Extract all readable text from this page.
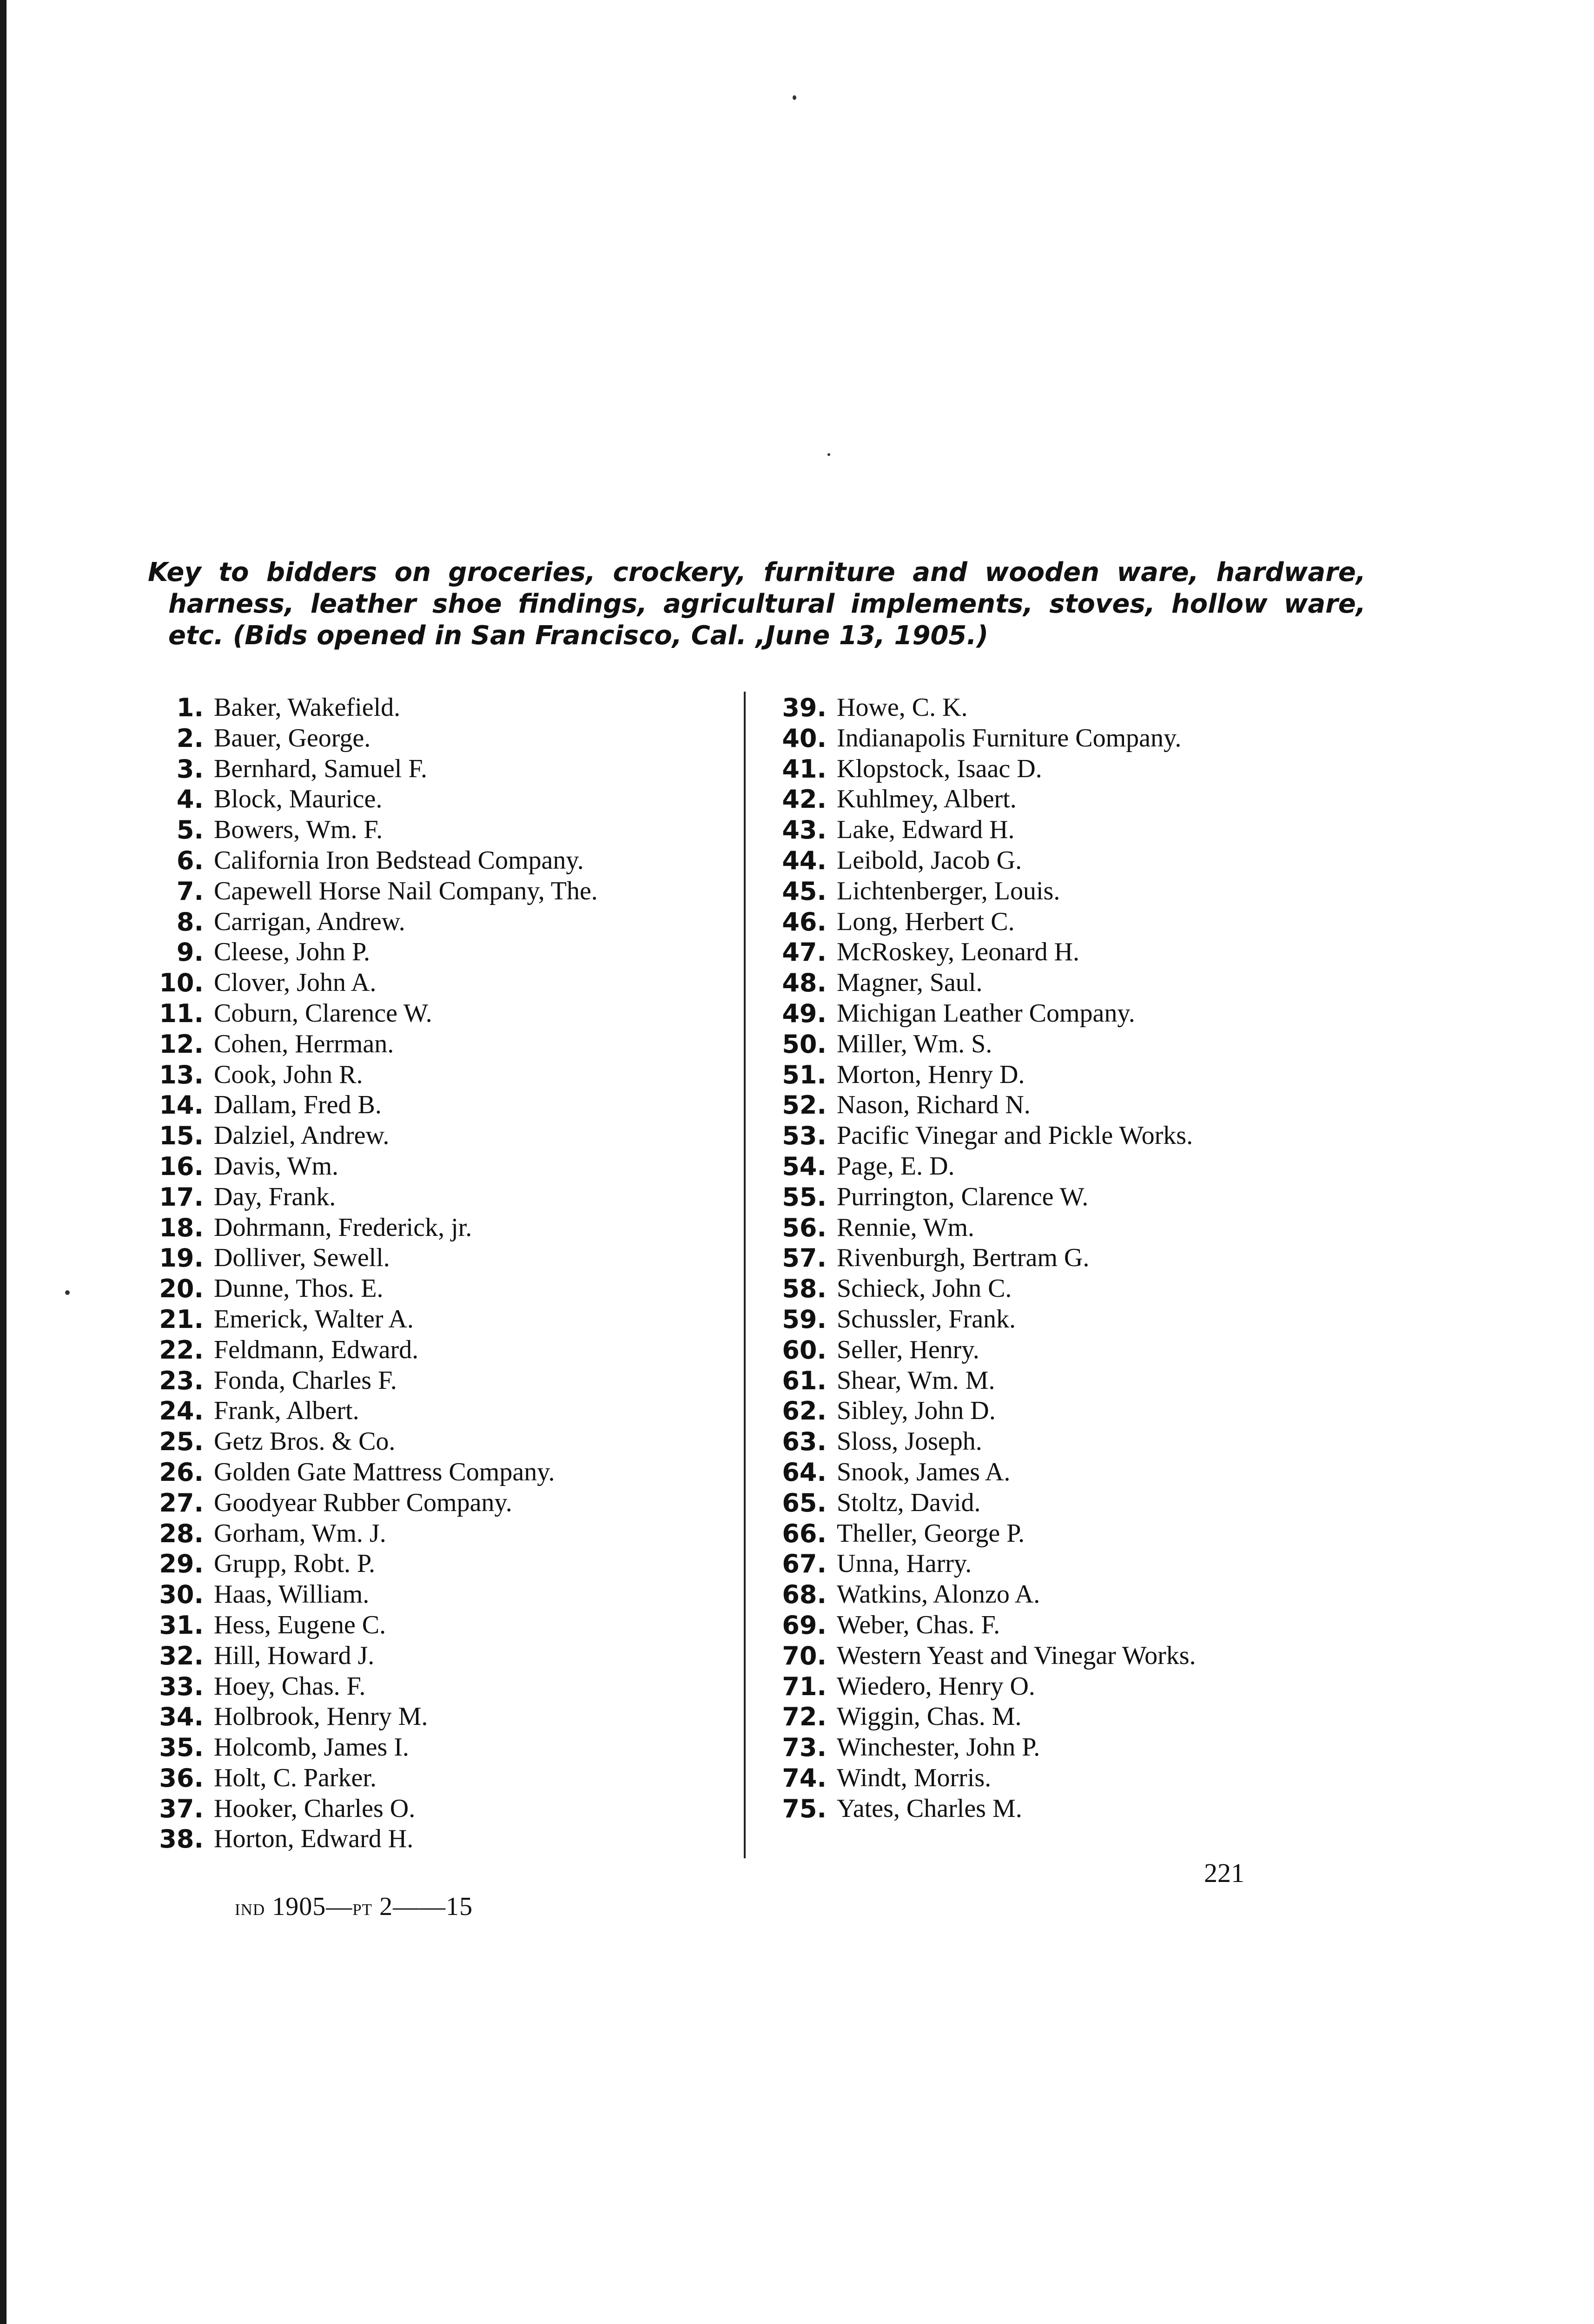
Key to bidders on groceries, crockery, furniture and wooden ware, hardware, harness, leather shoe findings, agricultural implements, stoves, hollow ware, etc. (Bids opened in San Francisco, Cal. ,June 13, 1905.)
1. Baker, Wakefield.
2. Bauer, George.
3. Bernhard, Samuel F.
4. Block, Maurice.
5. Bowers, Wm. F.
6. California Iron Bedstead Company.
7. Capewell Horse Nail Company, The.
8. Carrigan, Andrew.
9. Cleese, John P.
10. Clover, John A.
11. Coburn, Clarence W.
12. Cohen, Herrman.
13. Cook, John R.
14. Dallam, Fred B.
15. Dalziel, Andrew.
16. Davis, Wm.
17. Day, Frank.
18. Dohrmann, Frederick, jr.
19. Dolliver, Sewell.
20. Dunne, Thos. E.
21. Emerick, Walter A.
22. Feldmann, Edward.
23. Fonda, Charles F.
24. Frank, Albert.
25. Getz Bros. & Co.
26. Golden Gate Mattress Company.
27. Goodyear Rubber Company.
28. Gorham, Wm. J.
29. Grupp, Robt. P.
30. Haas, William.
31. Hess, Eugene C.
32. Hill, Howard J.
33. Hoey, Chas. F.
34. Holbrook, Henry M.
35. Holcomb, James I.
36. Holt, C. Parker.
37. Hooker, Charles O.
38. Horton, Edward H.
39. Howe, C. K.
40. Indianapolis Furniture Company.
41. Klopstock, Isaac D.
42. Kuhlmey, Albert.
43. Lake, Edward H.
44. Leibold, Jacob G.
45. Lichtenberger, Louis.
46. Long, Herbert C.
47. McRoskey, Leonard H.
48. Magner, Saul.
49. Michigan Leather Company.
50. Miller, Wm. S.
51. Morton, Henry D.
52. Nason, Richard N.
53. Pacific Vinegar and Pickle Works.
54. Page, E. D.
55. Purrington, Clarence W.
56. Rennie, Wm.
57. Rivenburgh, Bertram G.
58. Schieck, John C.
59. Schussler, Frank.
60. Seller, Henry.
61. Shear, Wm. M.
62. Sibley, John D.
63. Sloss, Joseph.
64. Snook, James A.
65. Stoltz, David.
66. Theller, George P.
67. Unna, Harry.
68. Watkins, Alonzo A.
69. Weber, Chas. F.
70. Western Yeast and Vinegar Works.
71. Wiedero, Henry O.
72. Wiggin, Chas. M.
73. Winchester, John P.
74. Windt, Morris.
75. Yates, Charles M.
ind 1905—pt 2——15
221
